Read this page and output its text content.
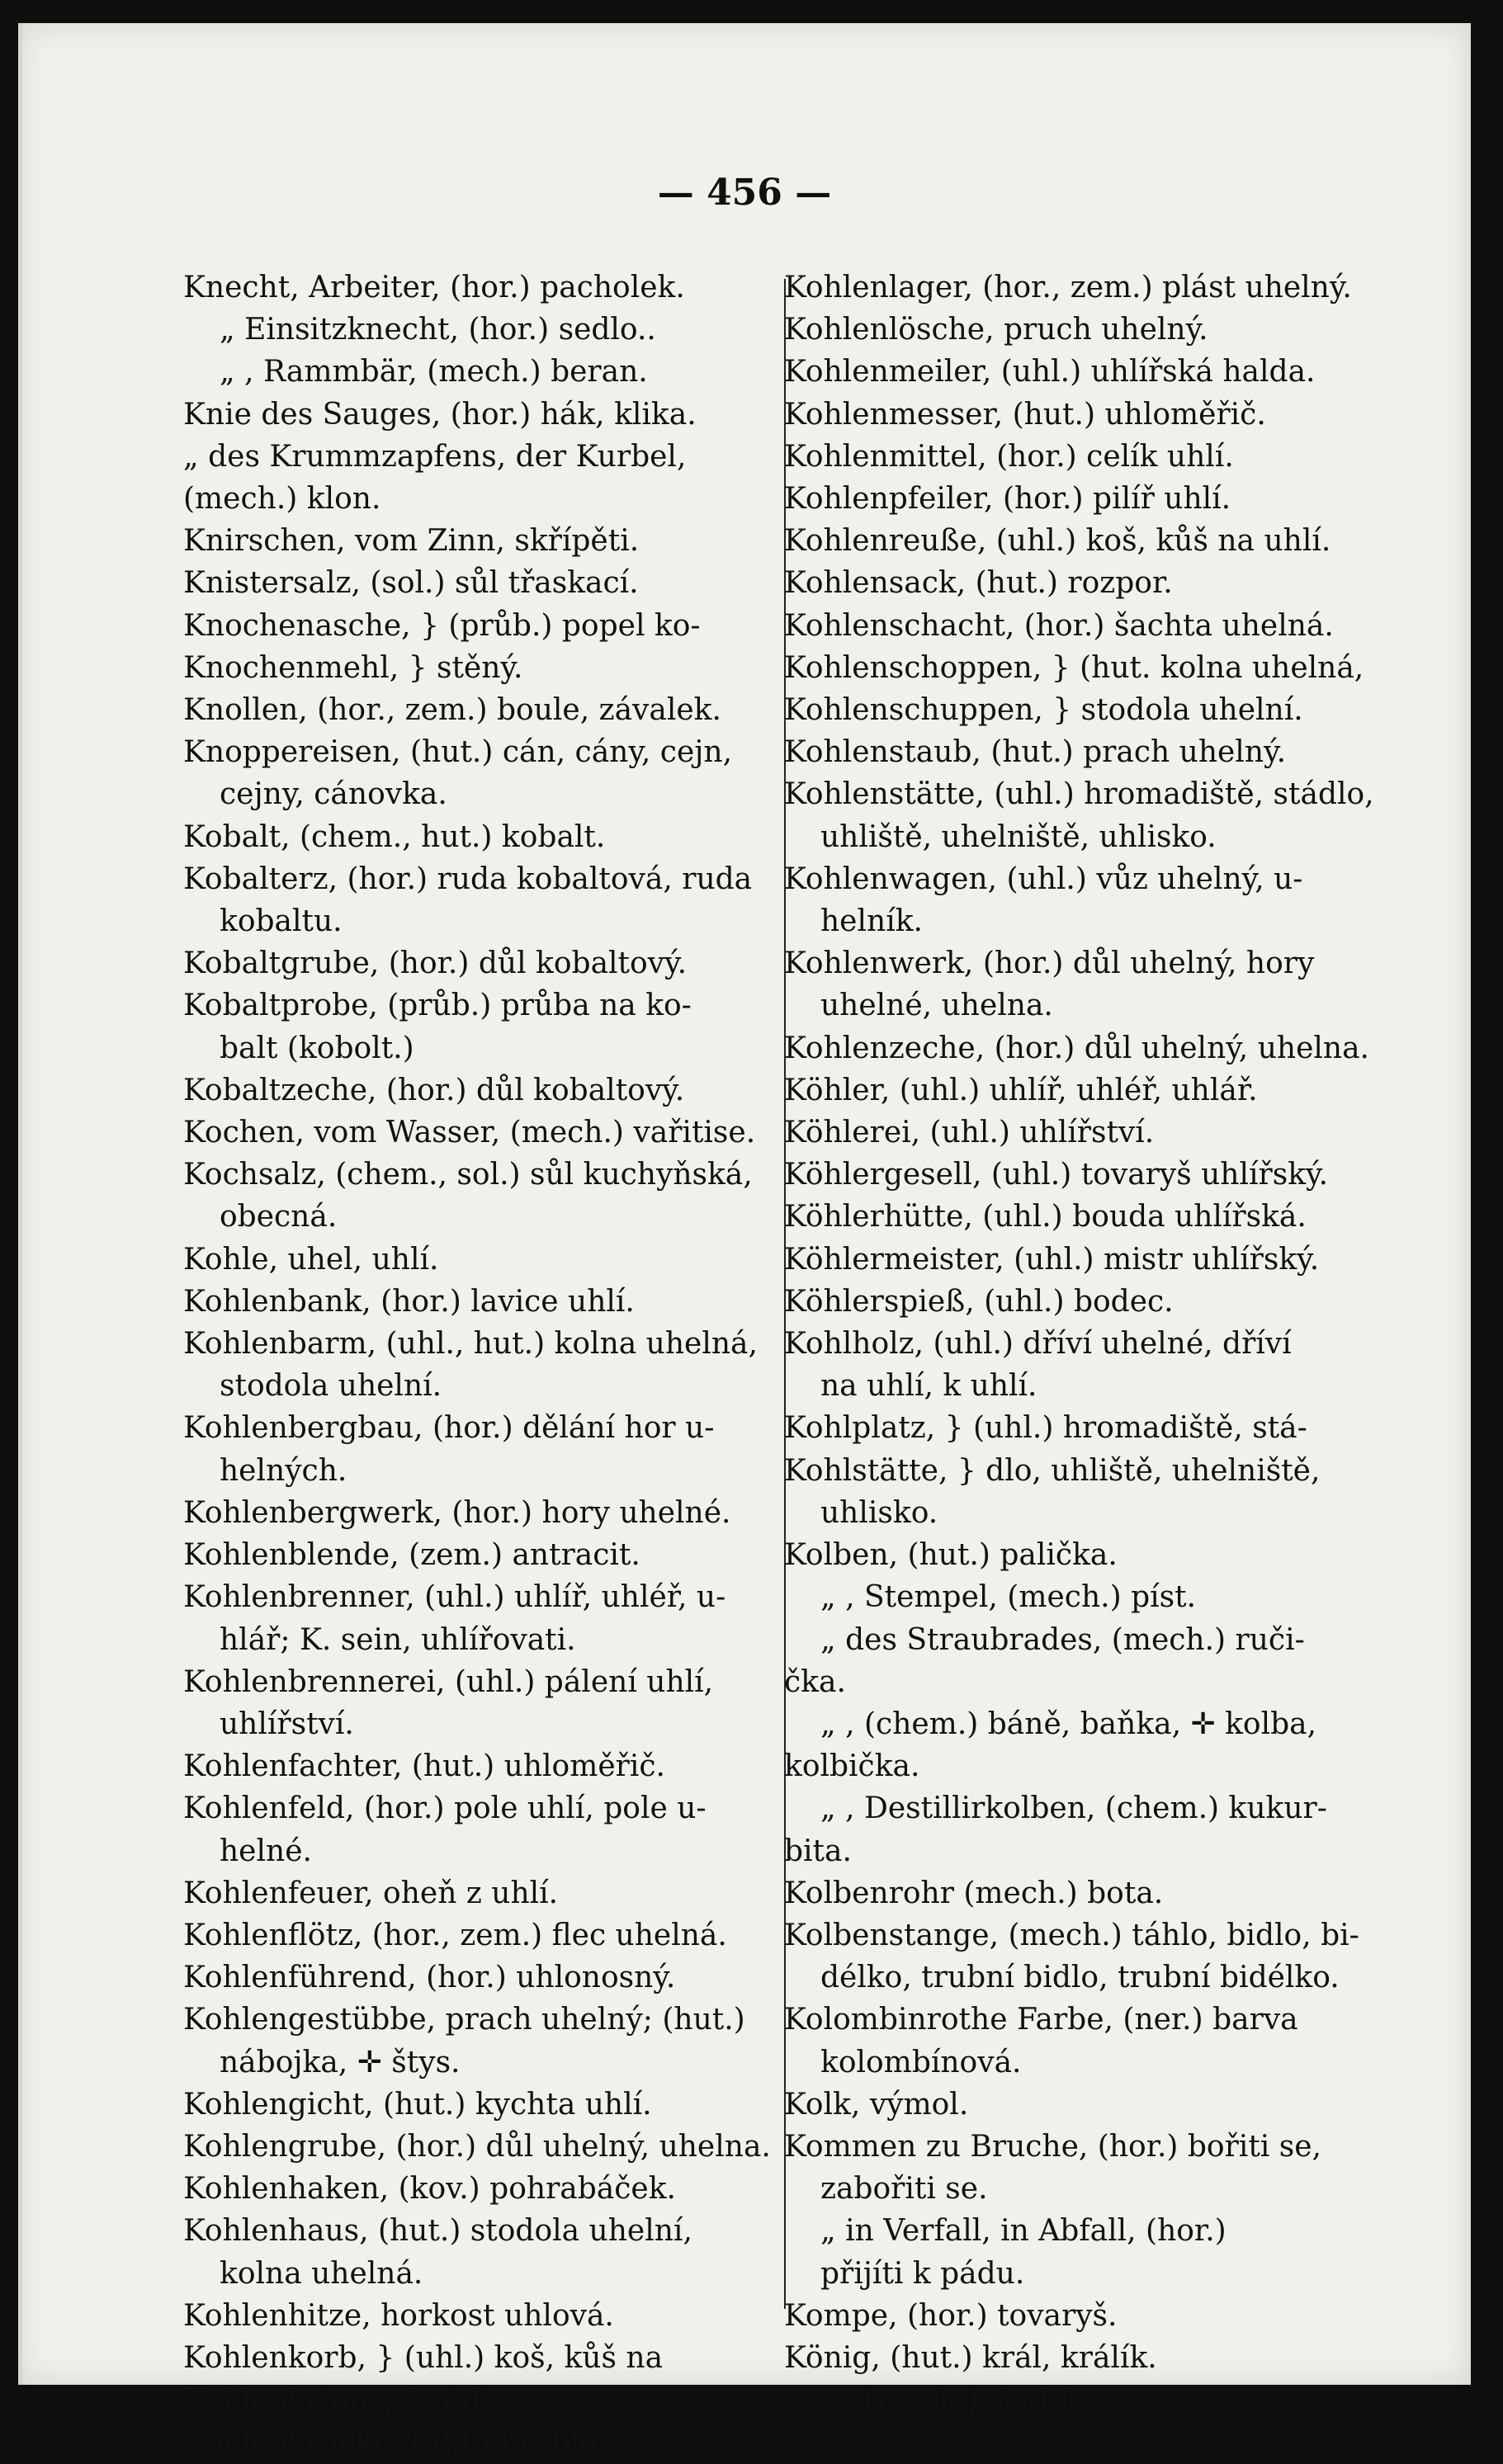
— 456 —
Knecht, Arbeiter, (hor.) pacholek.
„ Einsitzknecht, (hor.) sedlo..
„ , Rammbär, (mech.) beran.
Knie des Sauges, (hor.) hák, klika.
„ des Krummzapfens, der Kurbel,
(mech.) klon.
Knirschen, vom Zinn, skřípěti.
Knistersalz, (sol.) sůl třaskací.
Knochenasche, } (průb.) popel ko-
Knochenmehl, } stěný.
Knollen, (hor., zem.) boule, závalek.
Knoppereisen, (hut.) cán, cány, cejn,
cejny, cánovka.
Kobalt, (chem., hut.) kobalt.
Kobalterz, (hor.) ruda kobaltová, ruda
kobaltu.
Kobaltgrube, (hor.) důl kobaltový.
Kobaltprobe, (průb.) průba na ko-
balt (kobolt.)
Kobaltzeche, (hor.) důl kobaltový.
Kochen, vom Wasser, (mech.) vařitise.
Kochsalz, (chem., sol.) sůl kuchyňská,
obecná.
Kohle, uhel, uhlí.
Kohlenbank, (hor.) lavice uhlí.
Kohlenbarm, (uhl., hut.) kolna uhelná,
stodola uhelní.
Kohlenbergbau, (hor.) dělání hor u-
helných.
Kohlenbergwerk, (hor.) hory uhelné.
Kohlenblende, (zem.) antracit.
Kohlenbrenner, (uhl.) uhlíř, uhléř, u-
hlář; K. sein, uhlířovati.
Kohlenbrennerei, (uhl.) pálení uhlí,
uhlířství.
Kohlenfachter, (hut.) uhloměřič.
Kohlenfeld, (hor.) pole uhlí, pole u-
helné.
Kohlenfeuer, oheň z uhlí.
Kohlenflötz, (hor., zem.) flec uhelná.
Kohlenführend, (hor.) uhlonosný.
Kohlengestübbe, prach uhelný; (hut.)
nábojka, ✛ štys.
Kohlengicht, (hut.) kychta uhlí.
Kohlengrube, (hor.) důl uhelný, uhelna.
Kohlenhaken, (kov.) pohrabáček.
Kohlenhaus, (hut.) stodola uhelní,
kolna uhelná.
Kohlenhitze, horkost uhlová.
Kohlenkorb, } (uhl.) koš, kůš na
Kohlenkrippe, } uhlí.
Kohlenkrücke, (uhl.) hřeblo.
Kohlenlager, (hor., zem.) plást uhelný.
Kohlenlösche, pruch uhelný.
Kohlenmeiler, (uhl.) uhlířská halda.
Kohlenmesser, (hut.) uhloměřič.
Kohlenmittel, (hor.) celík uhlí.
Kohlenpfeiler, (hor.) pilíř uhlí.
Kohlenreuße, (uhl.) koš, kůš na uhlí.
Kohlensack, (hut.) rozpor.
Kohlenschacht, (hor.) šachta uhelná.
Kohlenschoppen, } (hut. kolna uhelná,
Kohlenschuppen, } stodola uhelní.
Kohlenstaub, (hut.) prach uhelný.
Kohlenstätte, (uhl.) hromadiště, stádlo,
uhliště, uhelniště, uhlisko.
Kohlenwagen, (uhl.) vůz uhelný, u-
helník.
Kohlenwerk, (hor.) důl uhelný, hory
uhelné, uhelna.
Kohlenzeche, (hor.) důl uhelný, uhelna.
Köhler, (uhl.) uhlíř, uhléř, uhlář.
Köhlerei, (uhl.) uhlířství.
Köhlergesell, (uhl.) tovaryš uhlířský.
Köhlerhütte, (uhl.) bouda uhlířská.
Köhlermeister, (uhl.) mistr uhlířský.
Köhlerspieß, (uhl.) bodec.
Kohlholz, (uhl.) dříví uhelné, dříví
na uhlí, k uhlí.
Kohlplatz, } (uhl.) hromadiště, stá-
Kohlstätte, } dlo, uhliště, uhelniště,
uhlisko.
Kolben, (hut.) palička.
„ , Stempel, (mech.) píst.
„ des Straubrades, (mech.) ruči-
čka.
„ , (chem.) báně, baňka, ✛ kolba,
kolbička.
„ , Destillirkolben, (chem.) kukur-
bita.
Kolbenrohr (mech.) bota.
Kolbenstange, (mech.) táhlo, bidlo, bi-
délko, trubní bidlo, trubní bidélko.
Kolombinrothe Farbe, (ner.) barva
kolombínová.
Kolk, výmol.
Kommen zu Bruche, (hor.) bořiti se,
zabořiti se.
„ in Verfall, in Abfall, (hor.)
přijíti k pádu.
Kompe, (hor.) tovaryš.
König, (hut.) král, králík.
„ , (mech.) skolek.
